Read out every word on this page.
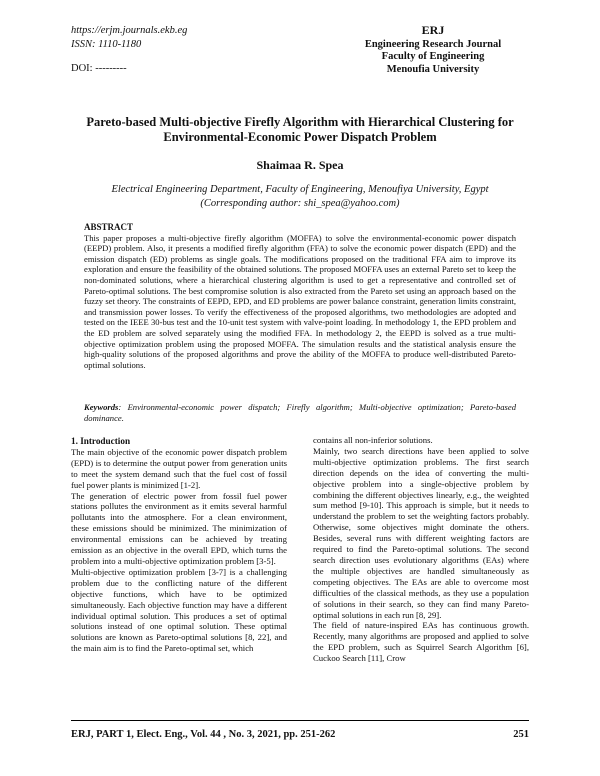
https://erjm.journals.ekb.eg
ISSN: 1110-1180
DOI: ---------
ERJ
Engineering Research Journal
Faculty of Engineering
Menoufia University
Pareto-based Multi-objective Firefly Algorithm with Hierarchical Clustering for Environmental-Economic Power Dispatch Problem
Shaimaa R. Spea
Electrical Engineering Department, Faculty of Engineering, Menoufiya University, Egypt
(Corresponding author: shi_spea@yahoo.com)
ABSTRACT
This paper proposes a multi-objective firefly algorithm (MOFFA) to solve the environmental-economic power dispatch (EEPD) problem. Also, it presents a modified firefly algorithm (FFA) to solve the economic power dispatch (EPD) and the emission dispatch (ED) problems as single goals. The modifications proposed on the traditional FFA aim to improve its exploration and ensure the feasibility of the obtained solutions. The proposed MOFFA uses an external Pareto set to keep the non-dominated solutions, where a hierarchical clustering algorithm is used to get a representative and controlled set of Pareto-optimal solutions. The best compromise solution is also extracted from the Pareto set using an approach based on the fuzzy set theory. The constraints of EEPD, EPD, and ED problems are power balance constraint, generation limits constraint, and transmission power losses. To verify the effectiveness of the proposed algorithms, two methodologies are adopted and tested on the IEEE 30-bus test and the 10-unit test system with valve-point loading. In methodology 1, the EPD problem and the ED problem are solved separately using the modified FFA. In methodology 2, the EEPD is solved as a true multi-objective optimization problem using the proposed MOFFA. The simulation results and the statistical analysis ensure the high-quality solutions of the proposed algorithms and prove the ability of the MOFFA to produce well-distributed Pareto-optimal solutions.
Keywords: Environmental-economic power dispatch; Firefly algorithm; Multi-objective optimization; Pareto-based dominance.
1. Introduction

The main objective of the economic power dispatch problem (EPD) is to determine the output power from generation units to meet the system demand such that the fuel cost of fossil fuel power plants is minimized [1-2].

The generation of electric power from fossil fuel power stations pollutes the environment as it emits several harmful pollutants into the atmosphere. For a clean environment, these emissions should be minimized. The minimization of environmental emissions can be achieved by treating emission as an objective in the overall EPD, which turns the problem into a multi-objective optimization problem [3-5].

Multi-objective optimization problem [3-7] is a challenging problem due to the conflicting nature of the different objective functions, which have to be optimized simultaneously. Each objective function may have a different individual optimal solution. This produces a set of optimal solutions instead of one optimal solution. These optimal solutions are known as Pareto-optimal solutions [8, 22], and the main aim is to find the Pareto-optimal set, which

contains all non-inferior solutions.

Mainly, two search directions have been applied to solve multi-objective optimization problems. The first search direction depends on the idea of converting the multi-objective problem into a single-objective problem by combining the different objectives linearly, e.g., the weighted sum method [9-10]. This approach is simple, but it needs to understand the problem to set the weighting factors probably. Otherwise, some objectives might dominate the others. Besides, several runs with different weighting factors are required to find the Pareto-optimal solutions. The second search direction uses evolutionary algorithms (EAs) where the multiple objectives are handled simultaneously as competing objectives. The EAs are able to overcome most difficulties of the classical methods, as they use a population of solutions in their search, so they can find many Pareto-optimal solutions in each run [8, 29].

The field of nature-inspired EAs has continuous growth. Recently, many algorithms are proposed and applied to solve the EPD problem, such as Squirrel Search Algorithm [6], Cuckoo Search [11], Crow

ERJ, PART 1, Elect. Eng., Vol. 44 , No. 3, 2021, pp. 251-262	251
